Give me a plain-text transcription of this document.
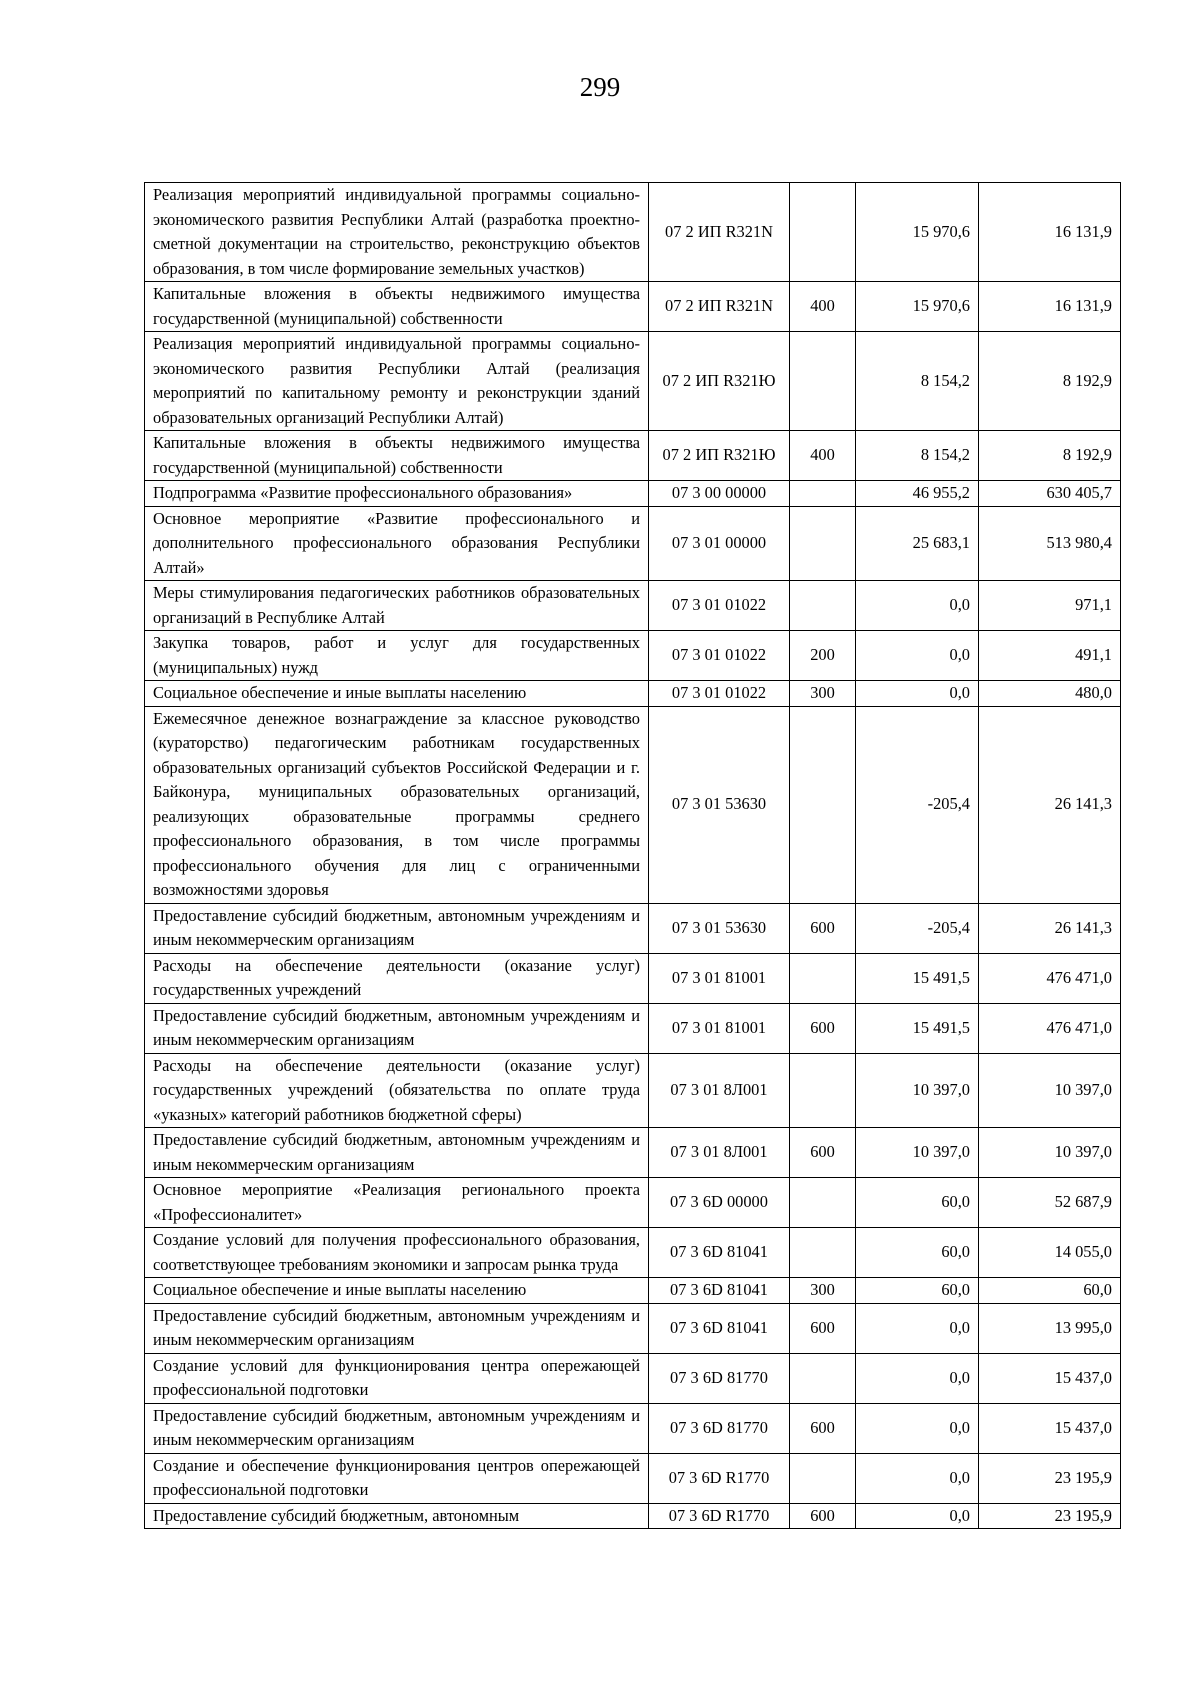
299
Реализация мероприятий индивидуальной программы социально-экономического развития Республики Алтай (разработка проектно-сметной документации на строительство, реконструкцию объектов образования, в том числе формирование земельных участков)	07 2 ИП R321N		15 970,6	16 131,9
Капитальные вложения в объекты недвижимого имущества государственной (муниципальной) собственности	07 2 ИП R321N	400	15 970,6	16 131,9
Реализация мероприятий индивидуальной программы социально-экономического развития Республики Алтай (реализация мероприятий по капитальному ремонту и реконструкции зданий образовательных организаций Республики Алтай)	07 2 ИП R321Ю		8 154,2	8 192,9
Капитальные вложения в объекты недвижимого имущества государственной (муниципальной) собственности	07 2 ИП R321Ю	400	8 154,2	8 192,9
Подпрограмма «Развитие профессионального образования»	07 3 00 00000		46 955,2	630 405,7
Основное мероприятие «Развитие профессионального и дополнительного профессионального образования Республики Алтай»	07 3 01 00000		25 683,1	513 980,4
Меры стимулирования педагогических работников образовательных организаций в Республике Алтай	07 3 01 01022		0,0	971,1
Закупка товаров, работ и услуг для государственных (муниципальных) нужд	07 3 01 01022	200	0,0	491,1
Социальное обеспечение и иные выплаты населению	07 3 01 01022	300	0,0	480,0
Ежемесячное денежное вознаграждение за классное руководство (кураторство) педагогическим работникам государственных образовательных организаций субъектов Российской Федерации и г. Байконура, муниципальных образовательных организаций, реализующих образовательные программы среднего профессионального образования, в том числе программы профессионального обучения для лиц с ограниченными возможностями здоровья	07 3 01 53630		-205,4	26 141,3
Предоставление субсидий бюджетным, автономным учреждениям и иным некоммерческим организациям	07 3 01 53630	600	-205,4	26 141,3
Расходы на обеспечение деятельности (оказание услуг) государственных учреждений	07 3 01 81001		15 491,5	476 471,0
Предоставление субсидий бюджетным, автономным учреждениям и иным некоммерческим организациям	07 3 01 81001	600	15 491,5	476 471,0
Расходы на обеспечение деятельности (оказание услуг) государственных учреждений (обязательства по оплате труда «указных» категорий работников бюджетной сферы)	07 3 01 8Л001		10 397,0	10 397,0
Предоставление субсидий бюджетным, автономным учреждениям и иным некоммерческим организациям	07 3 01 8Л001	600	10 397,0	10 397,0
Основное мероприятие «Реализация регионального проекта «Профессионалитет»	07 3 6D 00000		60,0	52 687,9
Создание условий для получения профессионального образования, соответствующее требованиям экономики и запросам рынка труда	07 3 6D 81041		60,0	14 055,0
Социальное обеспечение и иные выплаты населению	07 3 6D 81041	300	60,0	60,0
Предоставление субсидий бюджетным, автономным учреждениям и иным некоммерческим организациям	07 3 6D 81041	600	0,0	13 995,0
Создание условий для функционирования центра опережающей профессиональной подготовки	07 3 6D 81770		0,0	15 437,0
Предоставление субсидий бюджетным, автономным учреждениям и иным некоммерческим организациям	07 3 6D 81770	600	0,0	15 437,0
Создание и обеспечение функционирования центров опережающей профессиональной подготовки	07 3 6D R1770		0,0	23 195,9
Предоставление субсидий бюджетным, автономным	07 3 6D R1770	600	0,0	23 195,9
